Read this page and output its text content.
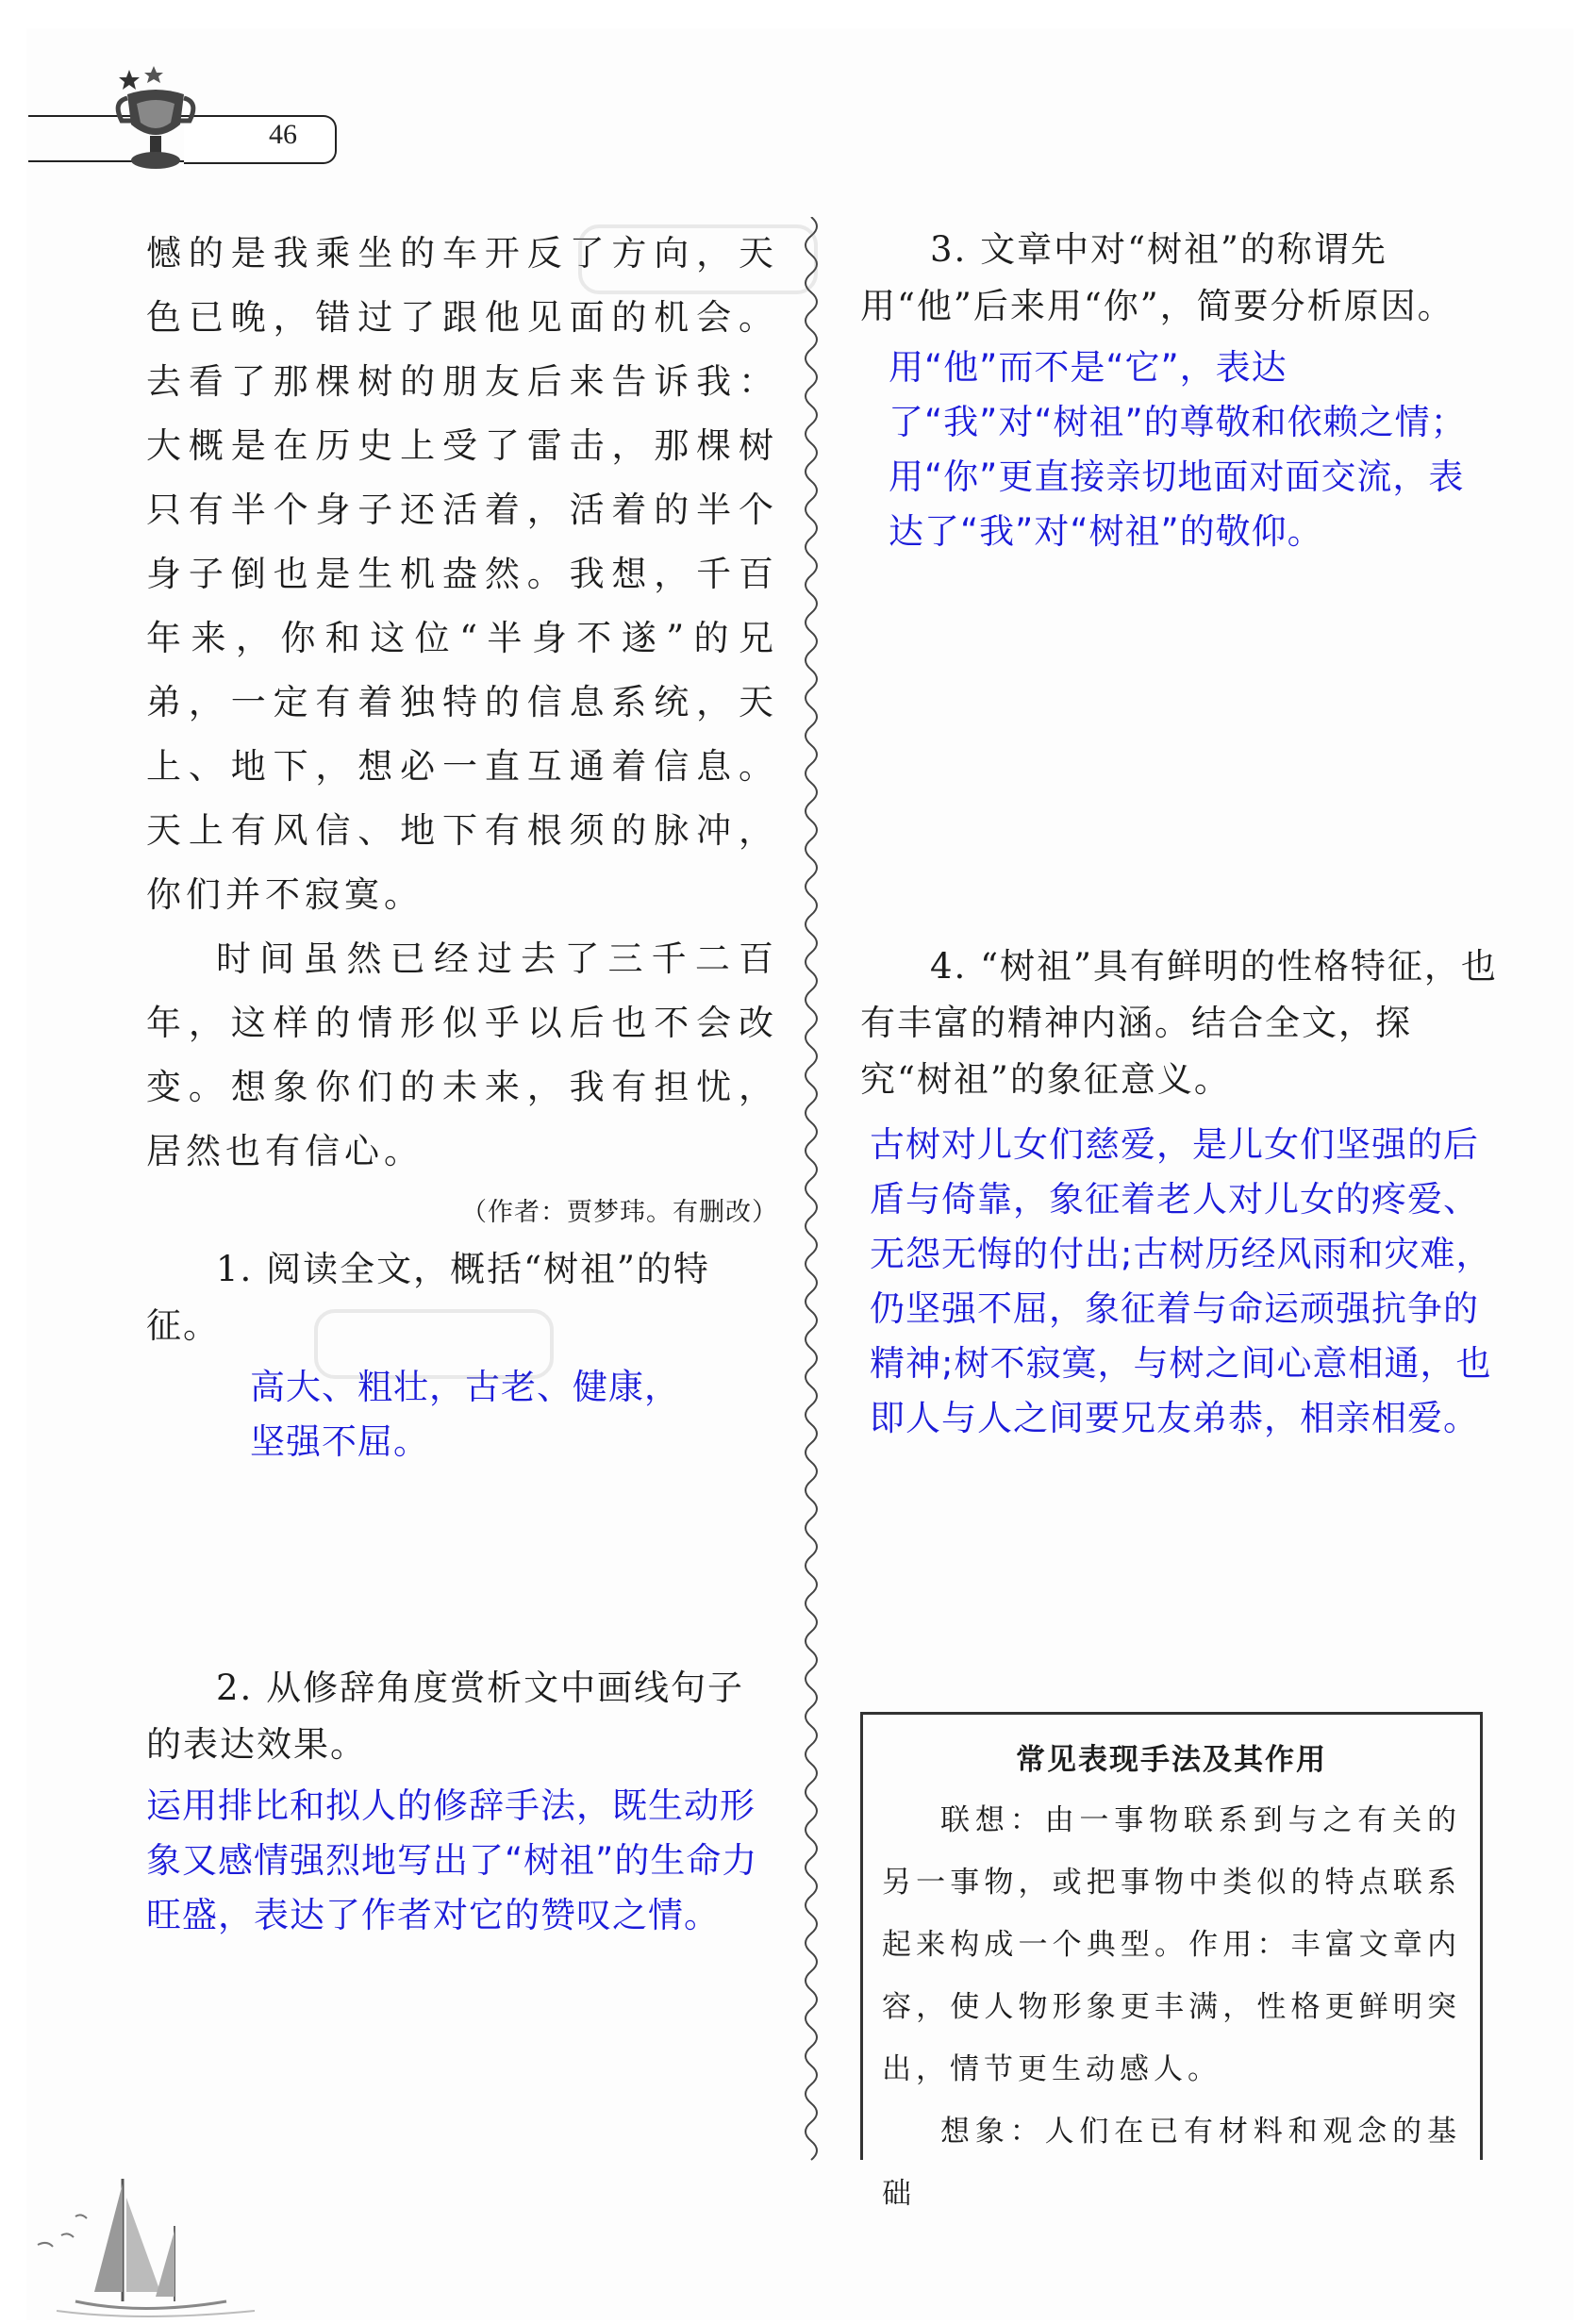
46

憾的是我乘坐的车开反了方向，天色已晚，错过了跟他见面的机会。去看了那棵树的朋友后来告诉我：大概是在历史上受了雷击，那棵树只有半个身子还活着，活着的半个身子倒也是生机盎然。我想，千百年来，你和这位“半身不遂”的兄弟，一定有着独特的信息系统，天上、地下，想必一直互通着信息。天上有风信、地下有根须的脉冲，你们并不寂寞。

时间虽然已经过去了三千二百年，这样的情形似乎以后也不会改变。想象你们的未来，我有担忧，居然也有信心。

（作者：贾梦玮。有删改）

1. 阅读全文，概括“树祖”的特征。

高大、粗壮，古老、健康，坚强不屈。

2. 从修辞角度赏析文中画线句子的表达效果。

运用排比和拟人的修辞手法，既生动形象又感情强烈地写出了“树祖”的生命力旺盛，表达了作者对它的赞叹之情。

3. 文章中对“树祖”的称谓先用“他”后来用“你”，简要分析原因。

用“他”而不是“它”，表达了“我”对“树祖”的尊敬和依赖之情；用“你”更直接亲切地面对面交流，表达了“我”对“树祖”的敬仰。

4. “树祖”具有鲜明的性格特征，也有丰富的精神内涵。结合全文，探究“树祖”的象征意义。

古树对儿女们慈爱，是儿女们坚强的后盾与倚靠，象征着老人对儿女的疼爱、无怨无悔的付出;古树历经风雨和灾难，仍坚强不屈，象征着与命运顽强抗争的精神;树不寂寞，与树之间心意相通，也即人与人之间要兄友弟恭，相亲相爱。

常见表现手法及其作用

联想：由一事物联系到与之有关的另一事物，或把事物中类似的特点联系起来构成一个典型。作用：丰富文章内容，使人物形象更丰满，性格更鲜明突出，情节更生动感人。

想象：人们在已有材料和观念的基础
